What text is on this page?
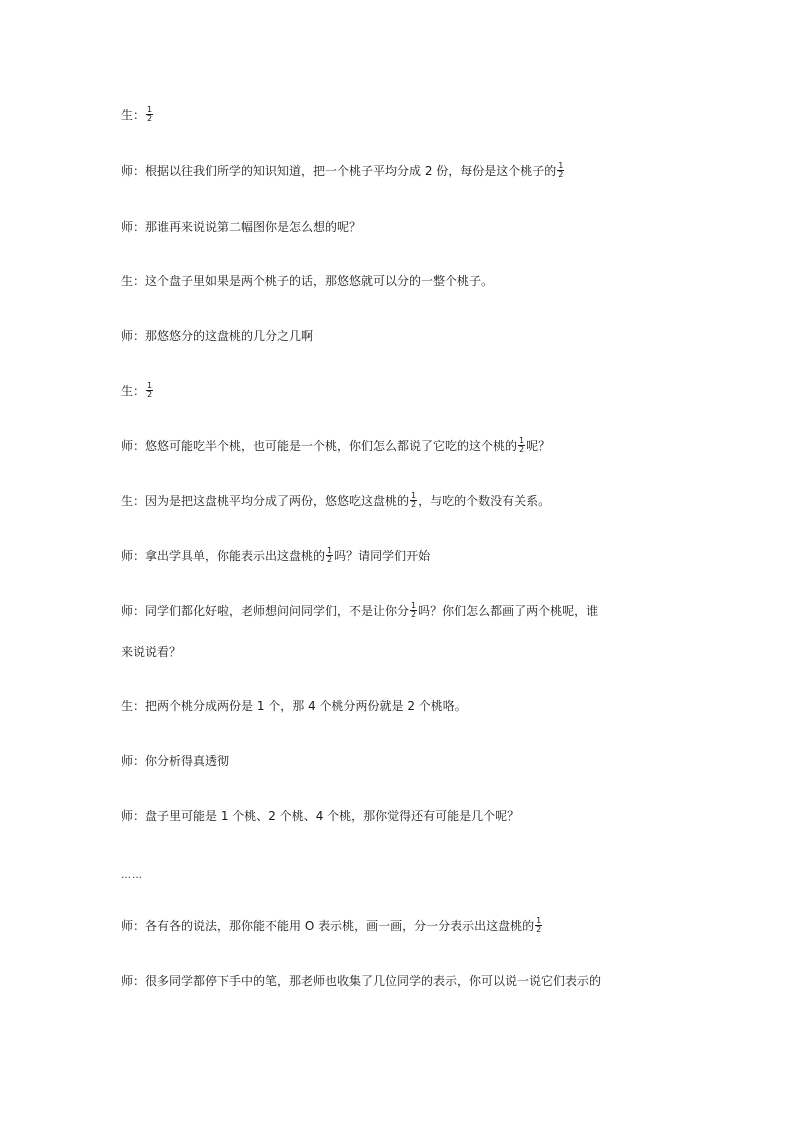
生： $\frac{1}{2}$
师：根据以往我们所学的知识知道，把一个桃子平均分成 2 份，每份是这个桃子的 $\frac{1}{2}$
师：那谁再来说说第二幅图你是怎么想的呢？
生：这个盘子里如果是两个桃子的话，那悠悠就可以分的一整个桃子。
师：那悠悠分的这盘桃的几分之几啊
生： $\frac{1}{2}$
师：悠悠可能吃半个桃，也可能是一个桃，你们怎么都说了它吃的这个桃的 $\frac{1}{2}$ 呢？
生：因为是把这盘桃平均分成了两份，悠悠吃这盘桃的 $\frac{1}{2}$ ，与吃的个数没有关系。
师：拿出学具单，你能表示出这盘桃的 $\frac{1}{2}$ 吗？请同学们开始
师：同学们都化好啦，老师想问问同学们，不是让你分 $\frac{1}{2}$ 吗？你们怎么都画了两个桃呢，谁
来说说看？
生：把两个桃分成两份是 1 个，那 4 个桃分两份就是 2 个桃咯。
师：你分析得真透彻
师：盘子里可能是 1 个桃、2 个桃、4 个桃，那你觉得还有可能是几个呢？
……
师：各有各的说法，那你能不能用 O 表示桃，画一画，分一分表示出这盘桃的 $\frac{1}{2}$
师：很多同学都停下手中的笔，那老师也收集了几位同学的表示，你可以说一说它们表示的
